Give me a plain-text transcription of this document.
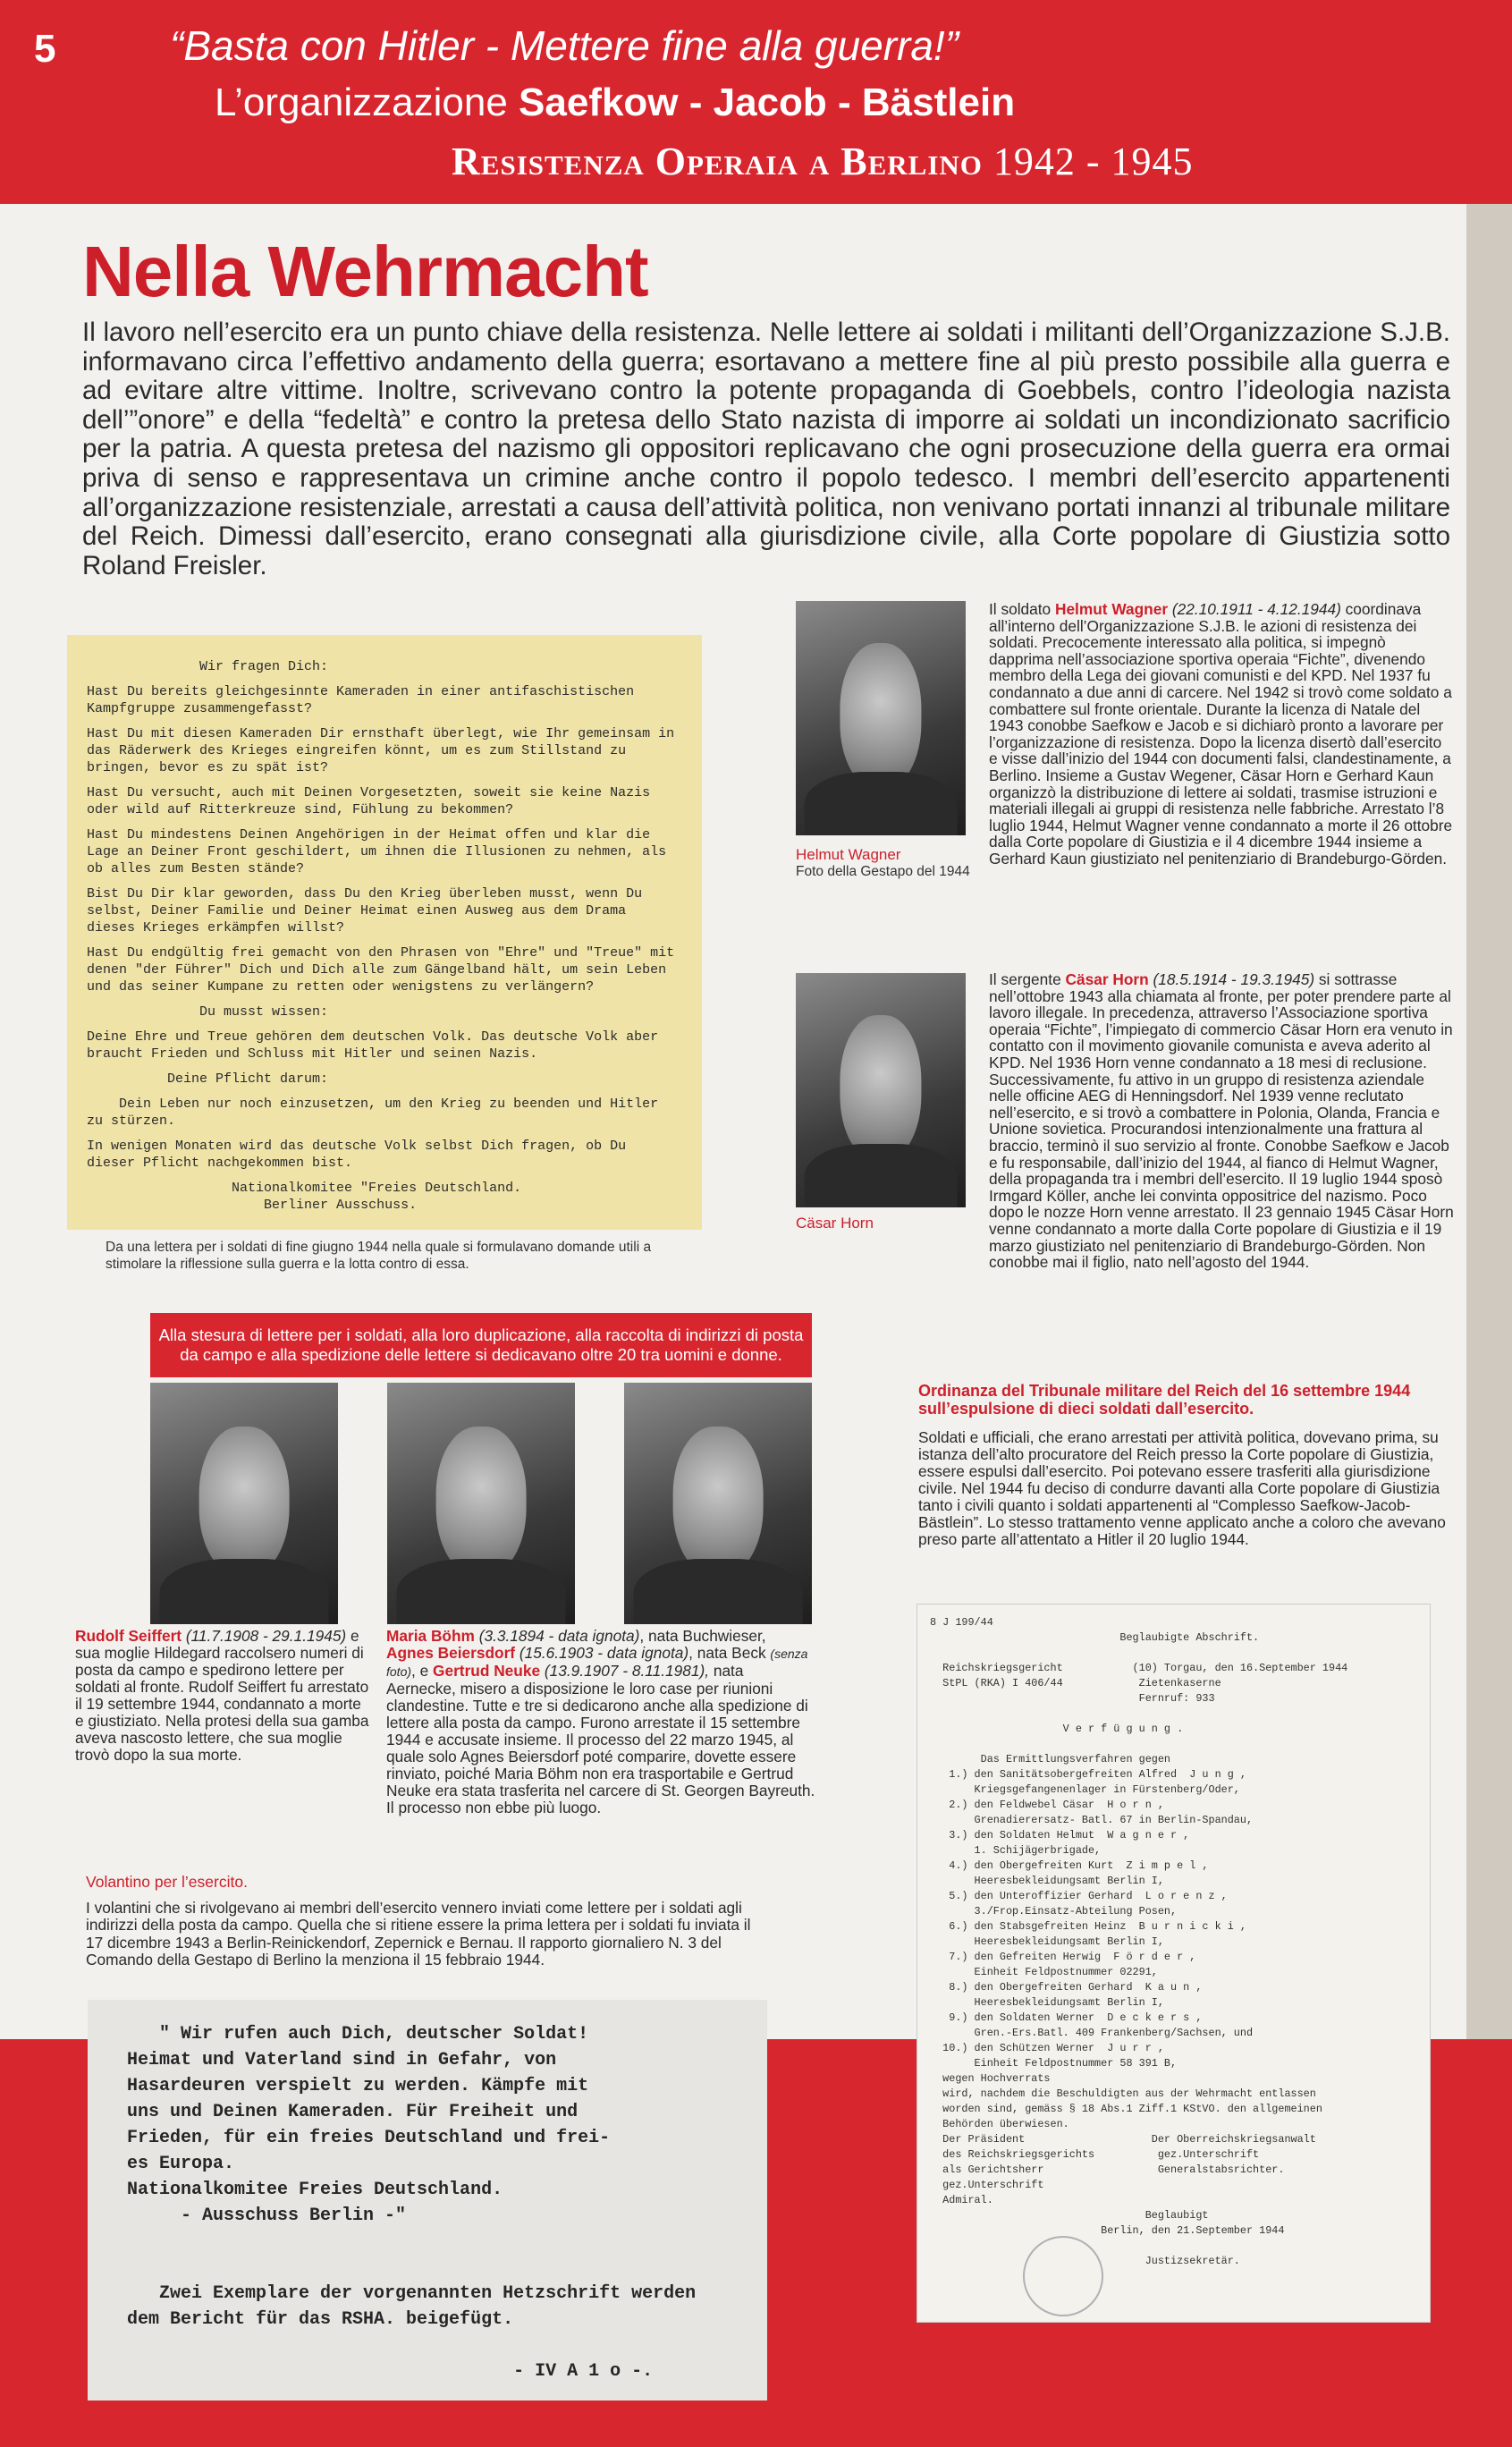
5	“Basta con Hitler - Mettere fine alla guerra!”
L’organizzazione Saefkow - Jacob - Bästlein
Resistenza Operaia a Berlino 1942 - 1945
Nella Wehrmacht
Il lavoro nell’esercito era un punto chiave della resistenza. Nelle lettere ai soldati i militanti dell’Organizzazione S.J.B. informavano circa l’effettivo andamento della guerra; esortavano a mettere fine al più presto possibile alla guerra e ad evitare altre vittime. Inoltre, scrivevano contro la potente propaganda di Goebbels, contro l’ideologia nazista dell’”onore” e della “fedeltà” e contro la pretesa dello Stato nazista di imporre ai soldati un incondizionato sacrificio per la patria. A questa pretesa del nazismo gli oppositori replicavano che ogni prosecuzione della guerra era ormai priva di senso e rappresentava un crimine anche contro il popolo tedesco. I membri dell’esercito appartenenti all’organizzazione resistenziale, arrestati a causa dell’attività politica, non venivano portati innanzi al tribunale militare del Reich. Dimessi dall’esercito, erano consegnati alla giurisdizione civile, alla Corte popolare di Giustizia sotto Roland Freisler.

Wir fragen Dich:

Hast Du bereits gleichgesinnte Kameraden in einer antifaschistischen Kampfgruppe zusammengefasst?

Hast Du mit diesen Kameraden Dir ernsthaft überlegt, wie Ihr gemeinsam in das Räderwerk des Krieges eingreifen könnt, um es zum Stillstand zu bringen, bevor es zu spät ist?

Hast Du versucht, auch mit Deinen Vorgesetzten, soweit sie keine Nazis oder wild auf Ritterkreuze sind, Fühlung zu bekommen?

Hast Du mindestens Deinen Angehörigen in der Heimat offen und klar die Lage an Deiner Front geschildert, um ihnen die Illusionen zu nehmen, als ob alles zum Besten stände?

Bist Du Dir klar geworden, dass Du den Krieg überleben musst, wenn Du selbst, Deiner Familie und Deiner Heimat einen Ausweg aus dem Drama dieses Krieges erkämpfen willst?

Hast Du endgültig frei gemacht von den Phrasen von "Ehre" und "Treue" mit denen "der Führer" Dich und Dich alle zum Gängelband hält, um sein Leben und das seiner Kumpane zu retten oder wenigstens zu verlängern?

Du musst wissen:

Deine Ehre und Treue gehören dem deutschen Volk. Das deutsche Volk aber braucht Frieden und Schluss mit Hitler und seinen Nazis.

Deine Pflicht darum:

Dein Leben nur noch einzusetzen, um den Krieg zu beenden und Hitler zu stürzen.

In wenigen Monaten wird das deutsche Volk selbst Dich fragen, ob Du dieser Pflicht nachgekommen bist.

Nationalkomitee "Freies Deutschland.
Berliner Ausschuss.

Da una lettera per i soldati di fine giugno 1944 nella quale si formulavano domande utili a stimolare la riflessione sulla guerra e la lotta contro di essa.
Helmut Wagner
Foto della Gestapo del 1944
Il soldato Helmut Wagner (22.10.1911 - 4.12.1944) coordinava all’interno dell’Organizzazione S.J.B. le azioni di resistenza dei soldati. Precocemente interessato alla politica, si impegnò dapprima nell’associazione sportiva operaia “Fichte”, divenendo membro della Lega dei giovani comunisti e del KPD. Nel 1937 fu condannato a due anni di carcere. Nel 1942 si trovò come soldato a combattere sul fronte orientale. Durante la licenza di Natale del 1943 conobbe Saefkow e Jacob e si dichiarò pronto a lavorare per l’organizzazione di resistenza. Dopo la licenza disertò dall’esercito e visse dall’inizio del 1944 con documenti falsi, clandestinamente, a Berlino. Insieme a Gustav Wegener, Cäsar Horn e Gerhard Kaun organizzò la distribuzione di lettere ai soldati, trasmise istruzioni e materiali illegali ai gruppi di resistenza nelle fabbriche. Arrestato l’8 luglio 1944, Helmut Wagner venne condannato a morte il 26 ottobre dalla Corte popolare di Giustizia e il 4 dicembre 1944 insieme a Gerhard Kaun giustiziato nel penitenziario di Brandeburgo-Görden.
Cäsar Horn
Il sergente Cäsar Horn (18.5.1914 - 19.3.1945) si sottrasse nell’ottobre 1943 alla chiamata al fronte, per poter prendere parte al lavoro illegale. In precedenza, attraverso l’Associazione sportiva operaia “Fichte”, l’impiegato di commercio Cäsar Horn era venuto in contatto con il movimento giovanile comunista e aveva aderito al KPD. Nel 1936 Horn venne condannato a 18 mesi di reclusione. Successivamente, fu attivo in un gruppo di resistenza aziendale nelle officine AEG di Henningsdorf. Nel 1939 venne reclutato nell’esercito, e si trovò a combattere in Polonia, Olanda, Francia e Unione sovietica. Procurandosi intenzionalmente una frattura al braccio, terminò il suo servizio al fronte. Conobbe Saefkow e Jacob e fu responsabile, dall’inizio del 1944, al fianco di Helmut Wagner, della propaganda tra i membri dell’esercito. Il 19 luglio 1944 sposò Irmgard Köller, anche lei convinta oppositrice del nazismo. Poco dopo le nozze Horn venne arrestato. Il 23 gennaio 1945 Cäsar Horn venne condannato a morte dalla Corte popolare di Giustizia e il 19 marzo giustiziato nel penitenziario di Brandeburgo-Görden. Non conobbe mai il figlio, nato nell’agosto del 1944.
Alla stesura di lettere per i soldati, alla loro duplicazione, alla raccolta di indirizzi di posta da campo e alla spedizione delle lettere si dedicavano oltre 20 tra uomini e donne.
Rudolf Seiffert (11.7.1908 - 29.1.1945) e sua moglie Hildegard raccolsero numeri di posta da campo e spedirono lettere per soldati al fronte. Rudolf Seiffert fu arrestato il 19 settembre 1944, condannato a morte e giustiziato. Nella protesi della sua gamba aveva nascosto lettere, che sua moglie trovò dopo la sua morte.
Maria Böhm (3.3.1894 - data ignota), nata Buchwieser, Agnes Beiersdorf (15.6.1903 - data ignota), nata Beck (senza foto), e Gertrud Neuke (13.9.1907 - 8.11.1981), nata Aernecke, misero a disposizione le loro case per riunioni clandestine. Tutte e tre si dedicarono anche alla spedizione di lettere alla posta da campo. Furono arrestate il 15 settembre 1944 e accusate insieme. Il processo del 22 marzo 1945, al quale solo Agnes Beiersdorf poté comparire, dovette essere rinviato, poiché Maria Böhm non era trasportabile e Gertrud Neuke era stata trasferita nel carcere di St. Georgen Bayreuth. Il processo non ebbe più luogo.
Volantino per l’esercito.
I volantini che si rivolgevano ai membri dell’esercito vennero inviati come lettere per i soldati agli indirizzi della posta da campo. Quella che si ritiene essere la prima lettera per i soldati fu inviata il 17 dicembre 1943 a Berlin-Reinickendorf, Zepernick e Bernau. Il rapporto giornaliero N. 3 del Comando della Gestapo di Berlino la menziona il 15 febbraio 1944.
" Wir rufen auch Dich, deutscher Soldat!
Heimat und Vaterland sind in Gefahr, von
Hasardeuren verspielt zu werden. Kämpfe mit
uns und Deinen Kameraden. Für Freiheit und
Frieden, für ein freies Deutschland und frei-
es Europa.
Nationalkomitee Freies Deutschland.
- Ausschuss Berlin -"

Zwei Exemplare der vorgenannten Hetzschrift werden
dem Bericht für das RSHA. beigefügt.

- IV A 1 o -.
Ordinanza del Tribunale militare del Reich del 16 settembre 1944 sull’espulsione di dieci soldati dall’esercito.
Soldati e ufficiali, che erano arrestati per attività politica, dovevano prima, su istanza dell’alto procuratore del Reich presso la Corte popolare di Giustizia, essere espulsi dall’esercito. Poi potevano essere trasferiti alla giurisdizione civile. Nel 1944 fu deciso di condurre davanti alla Corte popolare di Giustizia tanto i civili quanto i soldati appartenenti al “Complesso Saefkow-Jacob-Bästlein”. Lo stesso trattamento venne applicato anche a coloro che avevano preso parte all’attentato a Hitler il 20 luglio 1944.
8 J 199/44
Beglaubigte Abschrift.

Reichskriegsgericht           (10) Torgau, den 16.September 1944
StPL (RKA) I 406/44            Zietenkaserne
Fernruf: 933

V e r f ü g u n g .

Das Ermittlungsverfahren gegen
1.) den Sanitätsobergefreiten Alfred  J u n g ,
Kriegsgefangenenlager in Fürstenberg/Oder,
2.) den Feldwebel Cäsar  H o r n ,
Grenadierersatz- Batl. 67 in Berlin-Spandau,
3.) den Soldaten Helmut  W a g n e r ,
1. Schijägerbrigade,
4.) den Obergefreiten Kurt  Z i m p e l ,
Heeresbekleidungsamt Berlin I,
5.) den Unteroffizier Gerhard  L o r e n z ,
3./Frop.Einsatz-Abteilung Posen,
6.) den Stabsgefreiten Heinz  B u r n i c k i ,
Heeresbekleidungsamt Berlin I,
7.) den Gefreiten Herwig  F ö r d e r ,
Einheit Feldpostnummer 02291,
8.) den Obergefreiten Gerhard  K a u n ,
Heeresbekleidungsamt Berlin I,
9.) den Soldaten Werner  D e c k e r s ,
Gren.-Ers.Batl. 409 Frankenberg/Sachsen, und
10.) den Schützen Werner  J u r r ,
Einheit Feldpostnummer 58 391 B,
wegen Hochverrats
wird, nachdem die Beschuldigten aus der Wehrmacht entlassen
worden sind, gemäss § 18 Abs.1 Ziff.1 KStVO. den allgemeinen
Behörden überwiesen.
Der Präsident                    Der Oberreichskriegsanwalt
des Reichskriegsgerichts          gez.Unterschrift
als Gerichtsherr                  Generalstabsrichter.
gez.Unterschrift
Admiral.
Beglaubigt
Berlin, den 21.September 1944

Justizsekretär.
